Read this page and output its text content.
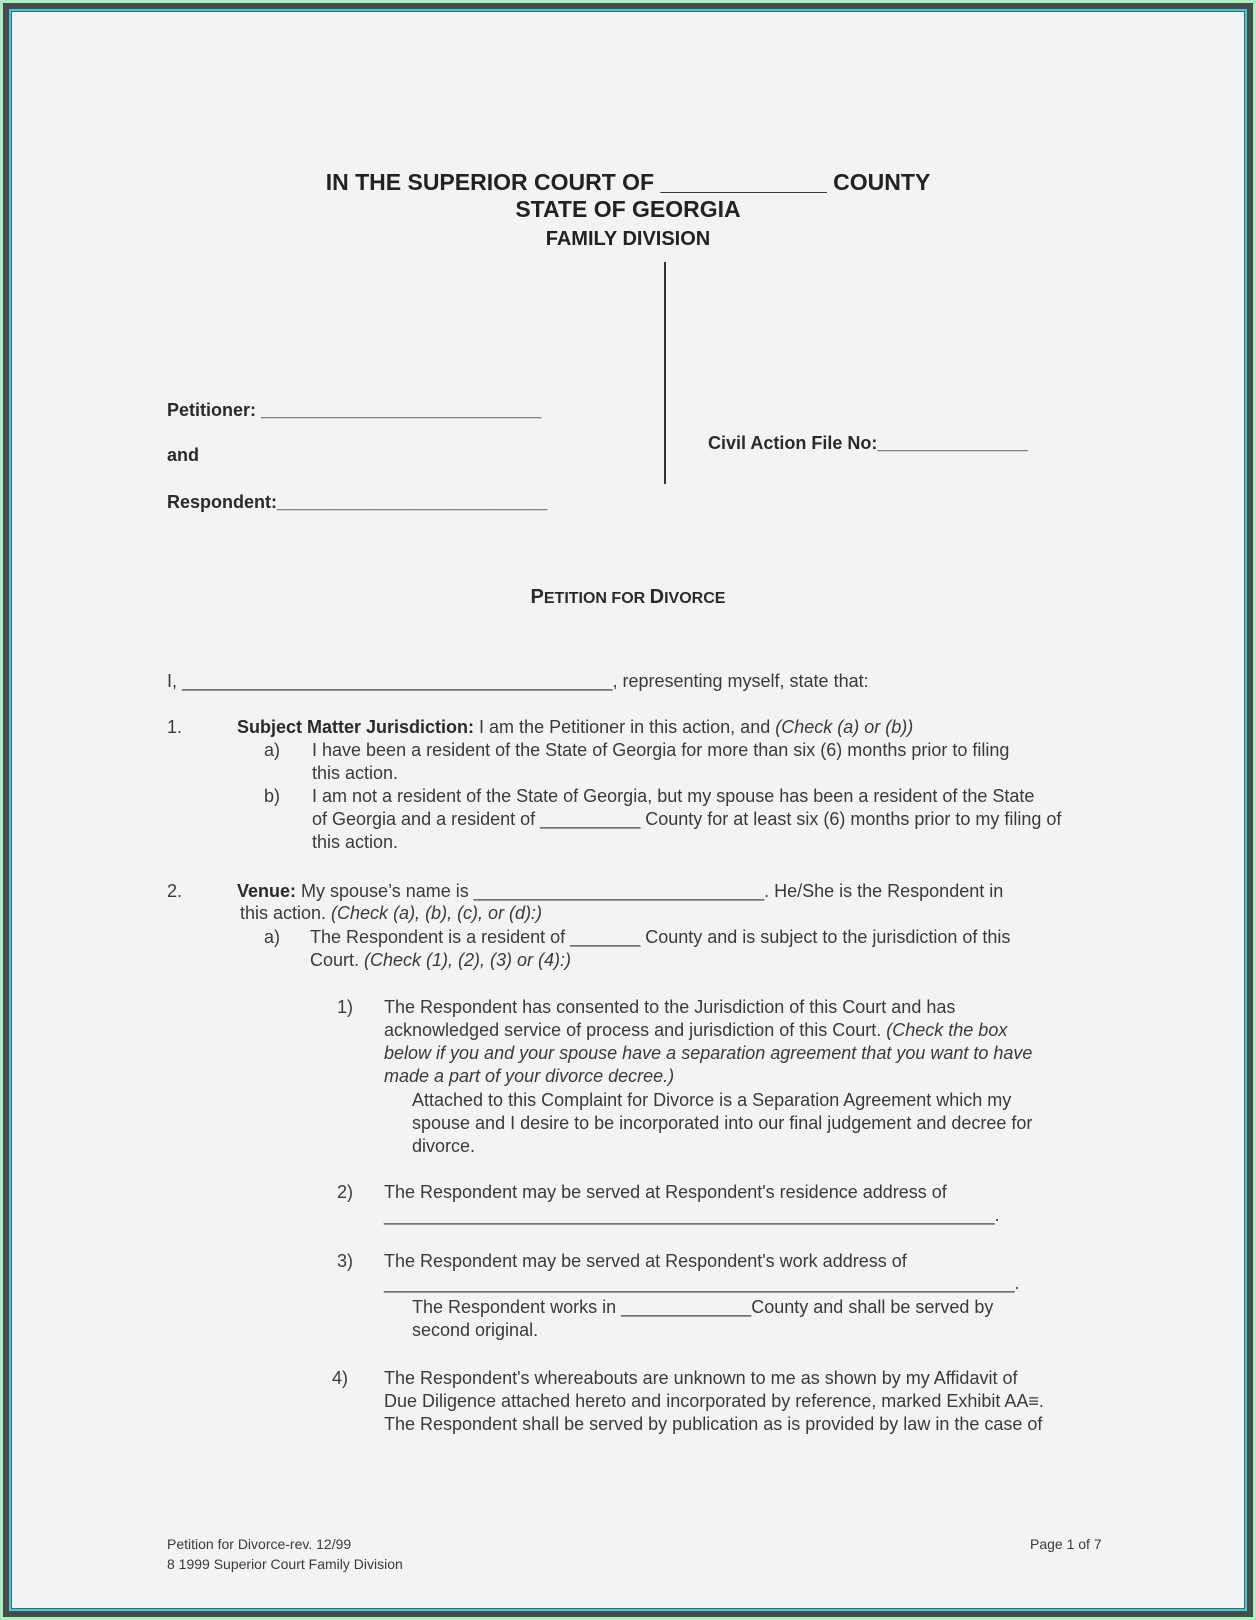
IN THE SUPERIOR COURT OF _____________ COUNTY
STATE OF GEORGIA
FAMILY DIVISION
Petitioner: ____________________________
and
Respondent:___________________________
Civil Action File No:_______________
PETITION FOR DIVORCE
I, ___________________________________________, representing myself, state that:
1.	Subject Matter Jurisdiction: I am the Petitioner in this action, and (Check (a) or (b))
a) I have been a resident of the State of Georgia for more than six (6) months prior to filing
this action.
b) I am not a resident of the State of Georgia, but my spouse has been a resident of the State
of Georgia and a resident of __________ County for at least six (6) months prior to my filing of
this action.
2.	Venue: My spouse’s name is _____________________________. He/She is the Respondent in
this action. (Check (a), (b), (c), or (d):)
a) The Respondent is a resident of _______ County and is subject to the jurisdiction of this
Court. (Check (1), (2), (3) or (4):)
1) The Respondent has consented to the Jurisdiction of this Court and has
acknowledged service of process and jurisdiction of this Court. (Check the box
below if you and your spouse have a separation agreement that you want to have
made a part of your divorce decree.)
Attached to this Complaint for Divorce is a Separation Agreement which my
spouse and I desire to be incorporated into our final judgement and decree for
divorce.
2) The Respondent may be served at Respondent's residence address of
_____________________________________________________________.
3) The Respondent may be served at Respondent's work address of
_______________________________________________________________.
The Respondent works in _____________County and shall be served by
second original.
4) The Respondent's whereabouts are unknown to me as shown by my Affidavit of
Due Diligence attached hereto and incorporated by reference, marked Exhibit AA≡.
The Respondent shall be served by publication as is provided by law in the case of
Petition for Divorce-rev. 12/99
8 1999 Superior Court Family Division
Page 1 of 7
